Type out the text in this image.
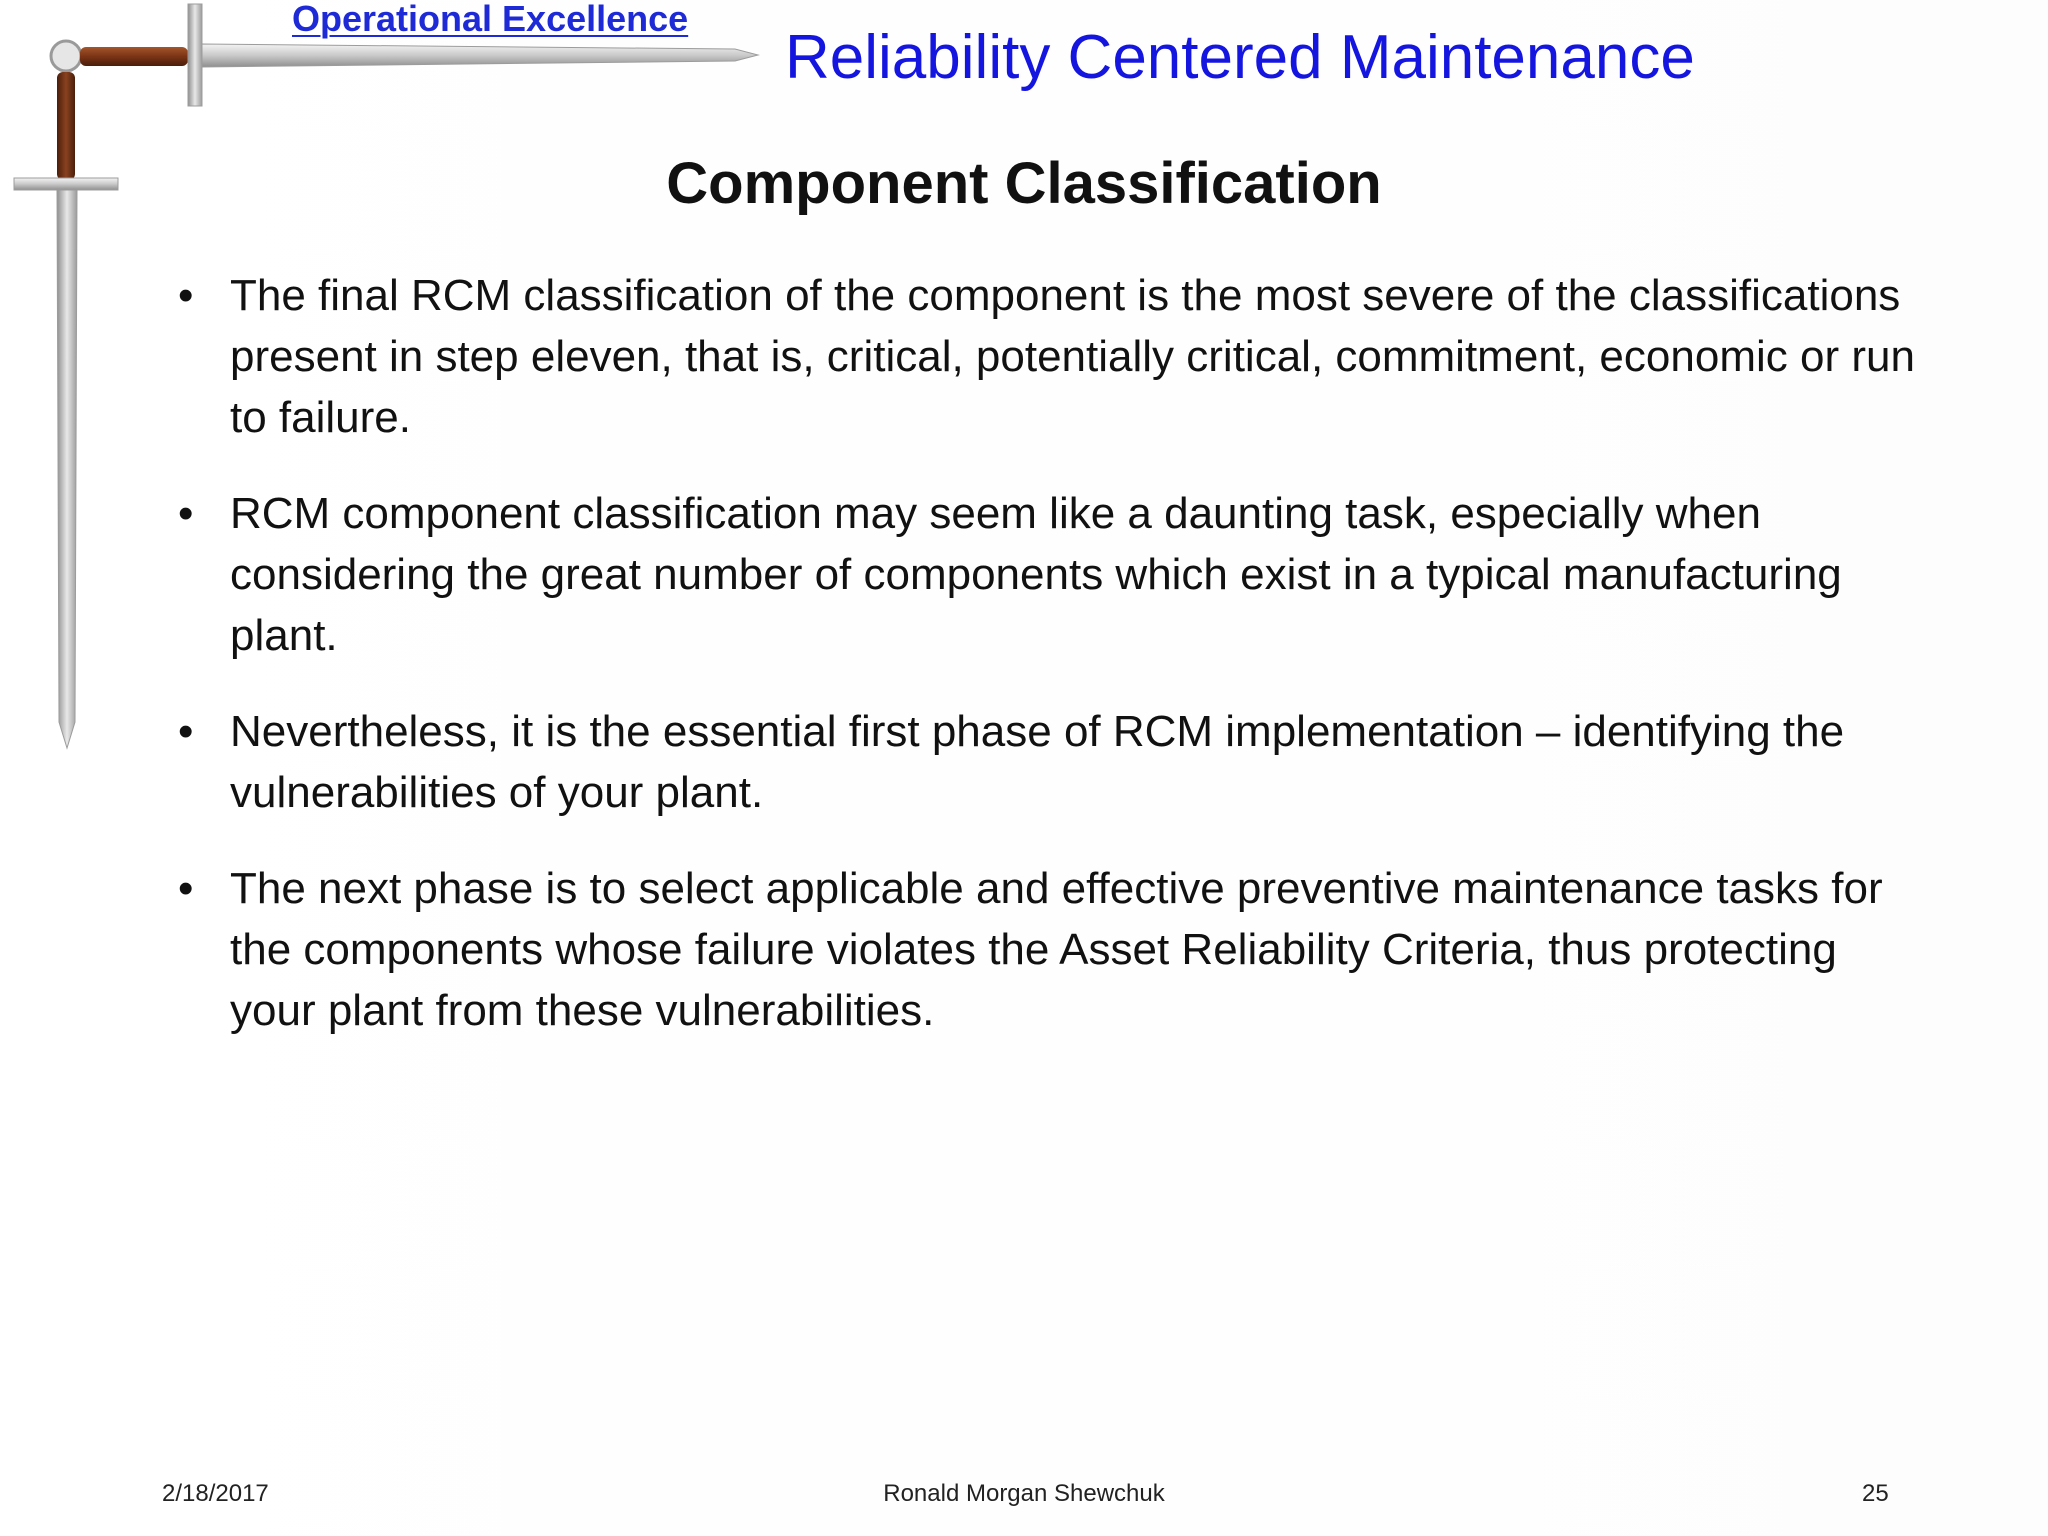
Operational Excellence
Reliability Centered Maintenance
Component Classification
• The final RCM classification of the component is the most severe of the classifications present in step eleven, that is, critical, potentially critical, commitment, economic or run to failure.
• RCM component classification may seem like a daunting task, especially when considering the great number of components which exist in a typical manufacturing plant.
• Nevertheless, it is the essential first phase of RCM implementation – identifying the vulnerabilities of your plant.
• The next phase is to select applicable and effective preventive maintenance tasks for the components whose failure violates the Asset Reliability Criteria, thus protecting your plant from these vulnerabilities.
2/18/2017	Ronald Morgan Shewchuk	25
